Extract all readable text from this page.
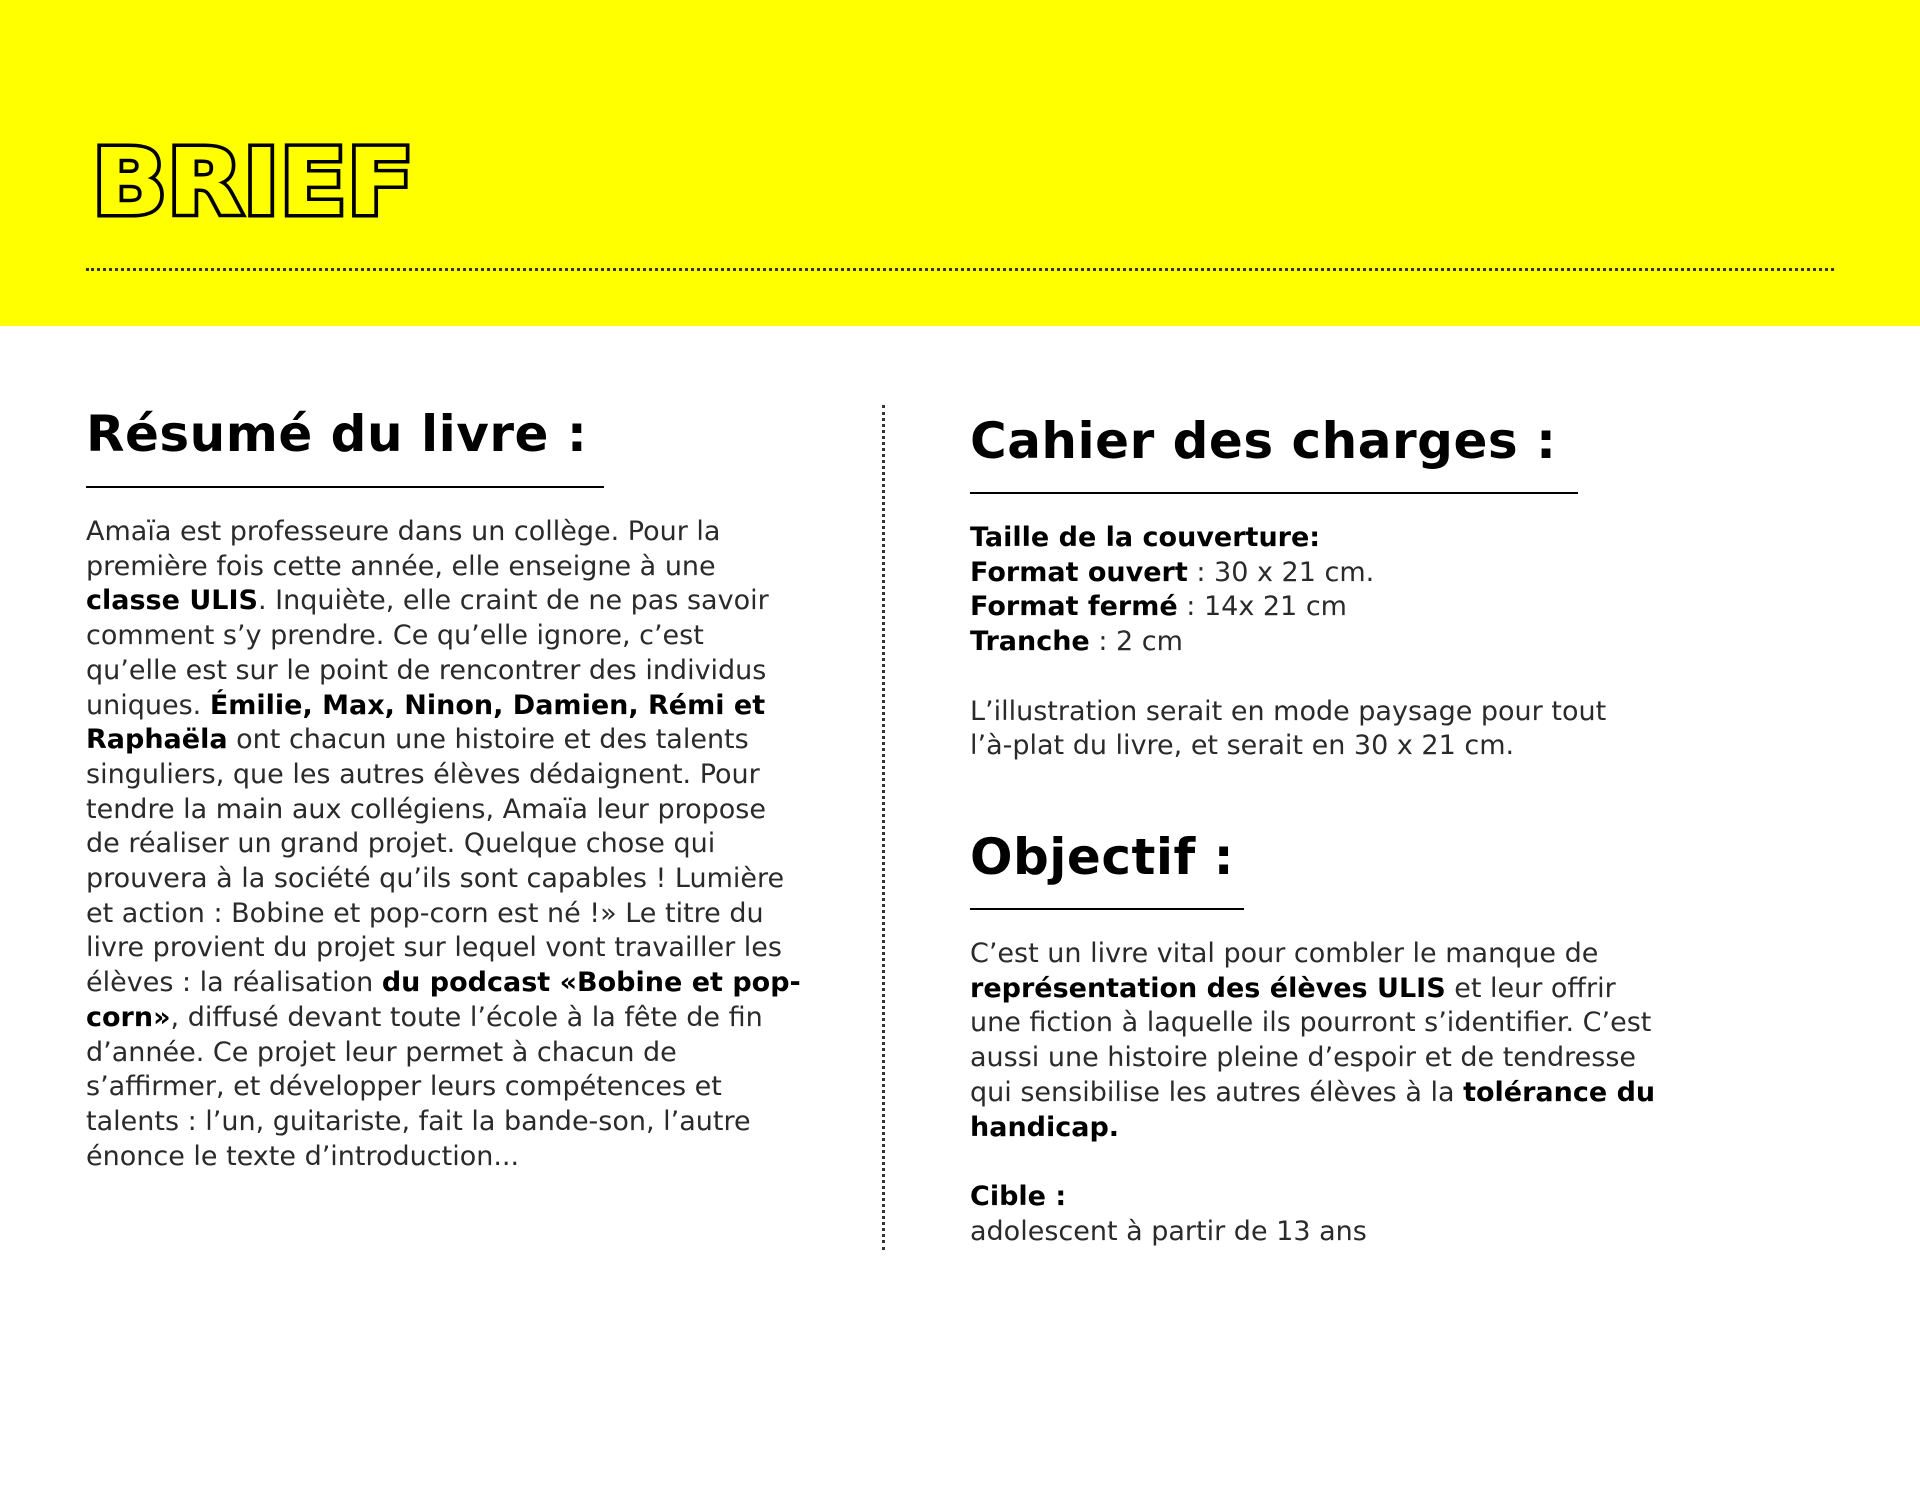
BRIEF
Résumé du livre :

Amaïa est professeure dans un collège. Pour la première fois cette année, elle enseigne à une classe ULIS. Inquiète, elle craint de ne pas savoir comment s’y prendre. Ce qu’elle ignore, c’est qu’elle est sur le point de rencontrer des individus uniques. Émilie, Max, Ninon, Damien, Rémi et Raphaëla ont chacun une histoire et des talents singuliers, que les autres élèves dédaignent. Pour tendre la main aux collégiens, Amaïa leur propose de réaliser un grand projet. Quelque chose qui prouvera à la société qu’ils sont capables ! Lumière et action : Bobine et pop-corn est né !» Le titre du livre provient du projet sur lequel vont travailler les élèves : la réalisation du podcast «Bobine et pop-corn», diffusé devant toute l’école à la fête de fin d’année. Ce projet leur permet à chacun de s’affirmer, et développer leurs compétences et talents : l’un, guitariste, fait la bande-son, l’autre énonce le texte d’introduction...

Cahier des charges :
Taille de la couverture:
Format ouvert : 30 x 21 cm.
Format fermé : 14x 21 cm
Tranche : 2 cm
L’illustration serait en mode paysage pour tout l’à-plat du livre, et serait en 30 x 21 cm.
Objectif :

C’est un livre vital pour combler le manque de représentation des élèves ULIS et leur offrir une fiction à laquelle ils pourront s’identifier. C’est aussi une histoire pleine d’espoir et de tendresse qui sensibilise les autres élèves à la tolérance du handicap.

Cible :
adolescent à partir de 13 ans
